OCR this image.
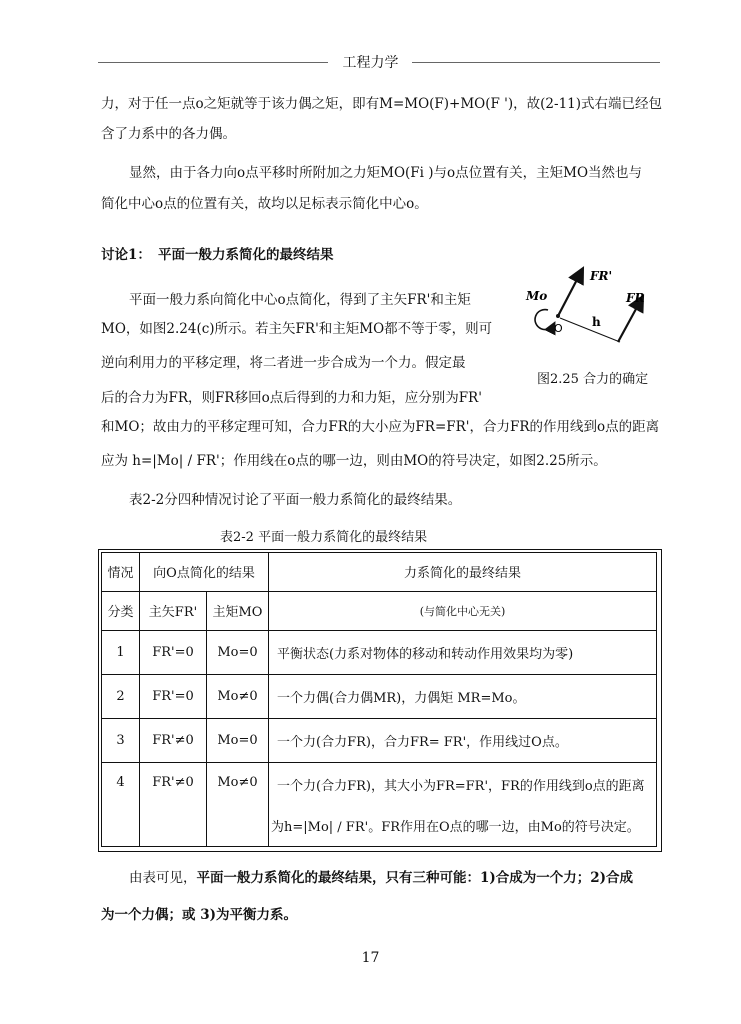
工程力学
力，对于任一点o之矩就等于该力偶之矩，即有M=MO(F)+MO(F ')，故(2-11)式右端已经包
含了力系中的各力偶。
显然，由于各力向o点平移时所附加之力矩MO(Fi )与o点位置有关，主矩MO当然也与
简化中心o点的位置有关，故均以足标表示简化中心o。
讨论1： 平面一般力系简化的最终结果
平面一般力系向简化中心o点简化，得到了主矢FR'和主矩
MO，如图2.24(c)所示。若主矢FR'和主矩MO都不等于零，则可
逆向利用力的平移定理，将二者进一步合成为一个力。假定最
后的合力为FR，则FR移回o点后得到的力和力矩，应分别为FR'
和MO；故由力的平移定理可知，合力FR的大小应为FR=FR'，合力FR的作用线到o点的距离
应为 h=|Mo| / FR'；作用线在o点的哪一边，则由MO的符号决定，如图2.25所示。
Mo
FR'
FR
O h
图2.25 合力的确定
表2-2分四种情况讨论了平面一般力系简化的最终结果。
表2-2 平面一般力系简化的最终结果
情况	向O点简化的结果		力系简化的最终结果
分类	主矢FR'	主矩MO	(与简化中心无关)
1	FR'=0	Mo=0	平衡状态(力系对物体的移动和转动作用效果均为零)
2	FR'=0	Mo≠0	一个力偶(合力偶MR)，力偶矩 MR=Mo。
3	FR'≠0	Mo=0	一个力(合力FR)，合力FR= FR'，作用线过O点。
4	FR'≠0	Mo≠0	一个力(合力FR)，其大小为FR=FR'，FR的作用线到o点的距离
			为h=|Mo| / FR'。FR作用在O点的哪一边，由Mo的符号决定。
由表可见，平面一般力系简化的最终结果，只有三种可能：1)合成为一个力；2)合成
为一个力偶；或 3)为平衡力系。
17
